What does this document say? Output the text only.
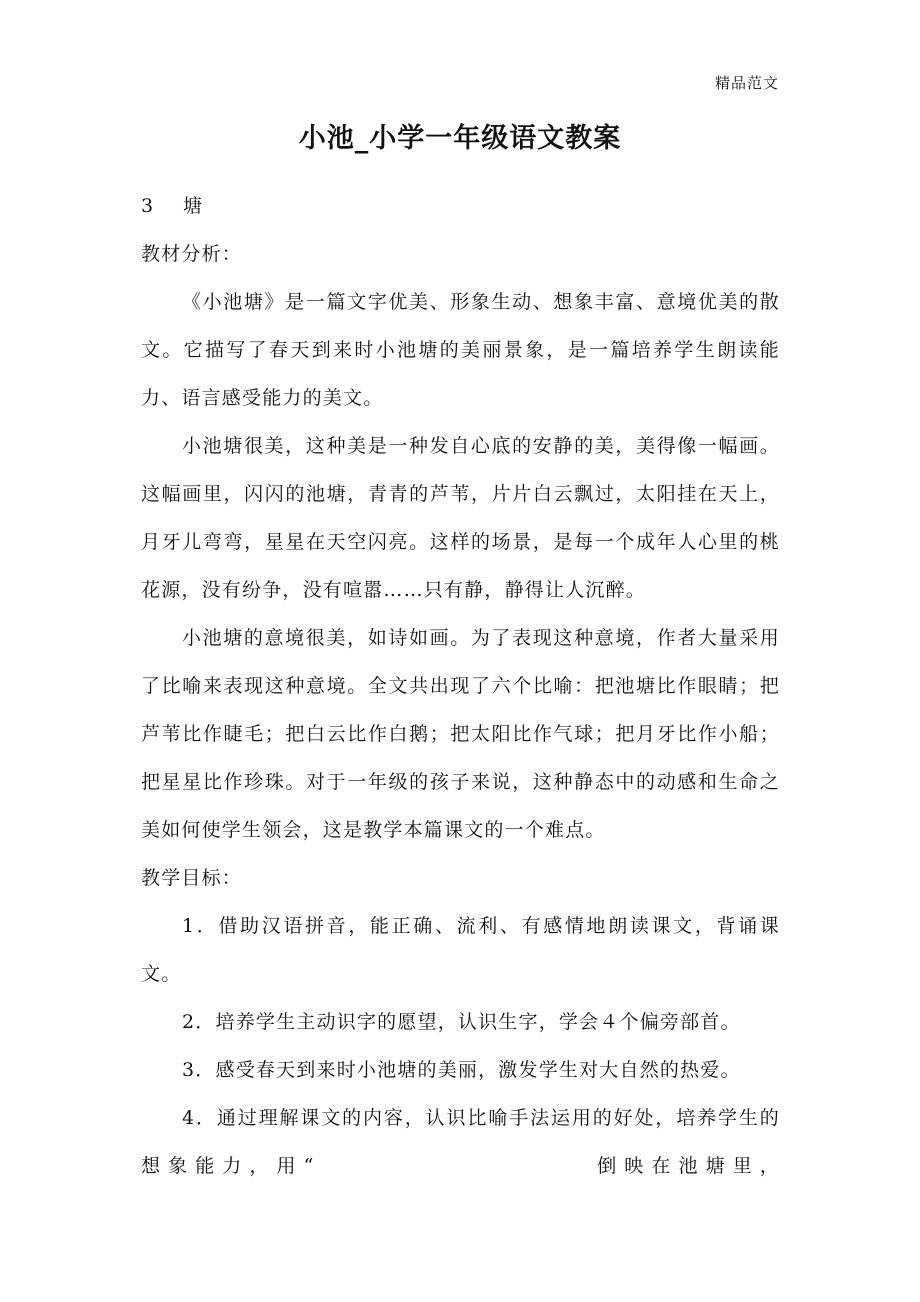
精品范文
小池_小学一年级语文教案

3 塘

教材分析：

《小池塘》是一篇文字优美、形象生动、想象丰富、意境优美的散文。它描写了春天到来时小池塘的美丽景象，是一篇培养学生朗读能力、语言感受能力的美文。

小池塘很美，这种美是一种发自心底的安静的美，美得像一幅画。这幅画里，闪闪的池塘，青青的芦苇，片片白云飘过，太阳挂在天上，月牙儿弯弯，星星在天空闪亮。这样的场景，是每一个成年人心里的桃花源，没有纷争，没有喧嚣……只有静，静得让人沉醉。

小池塘的意境很美，如诗如画。为了表现这种意境，作者大量采用了比喻来表现这种意境。全文共出现了六个比喻：把池塘比作眼睛；把芦苇比作睫毛；把白云比作白鹅；把太阳比作气球；把月牙比作小船；把星星比作珍珠。对于一年级的孩子来说，这种静态中的动感和生命之美如何使学生领会，这是教学本篇课文的一个难点。

教学目标：

1．借助汉语拼音，能正确、流利、有感情地朗读课文，背诵课文。

2．培养学生主动识字的愿望，认识生字，学会４个偏旁部首。

3．感受春天到来时小池塘的美丽，激发学生对大自然的热爱。

4．通过理解课文的内容，认识比喻手法运用的好处，培养学生的想象能力，用“                    倒映在池塘里，
